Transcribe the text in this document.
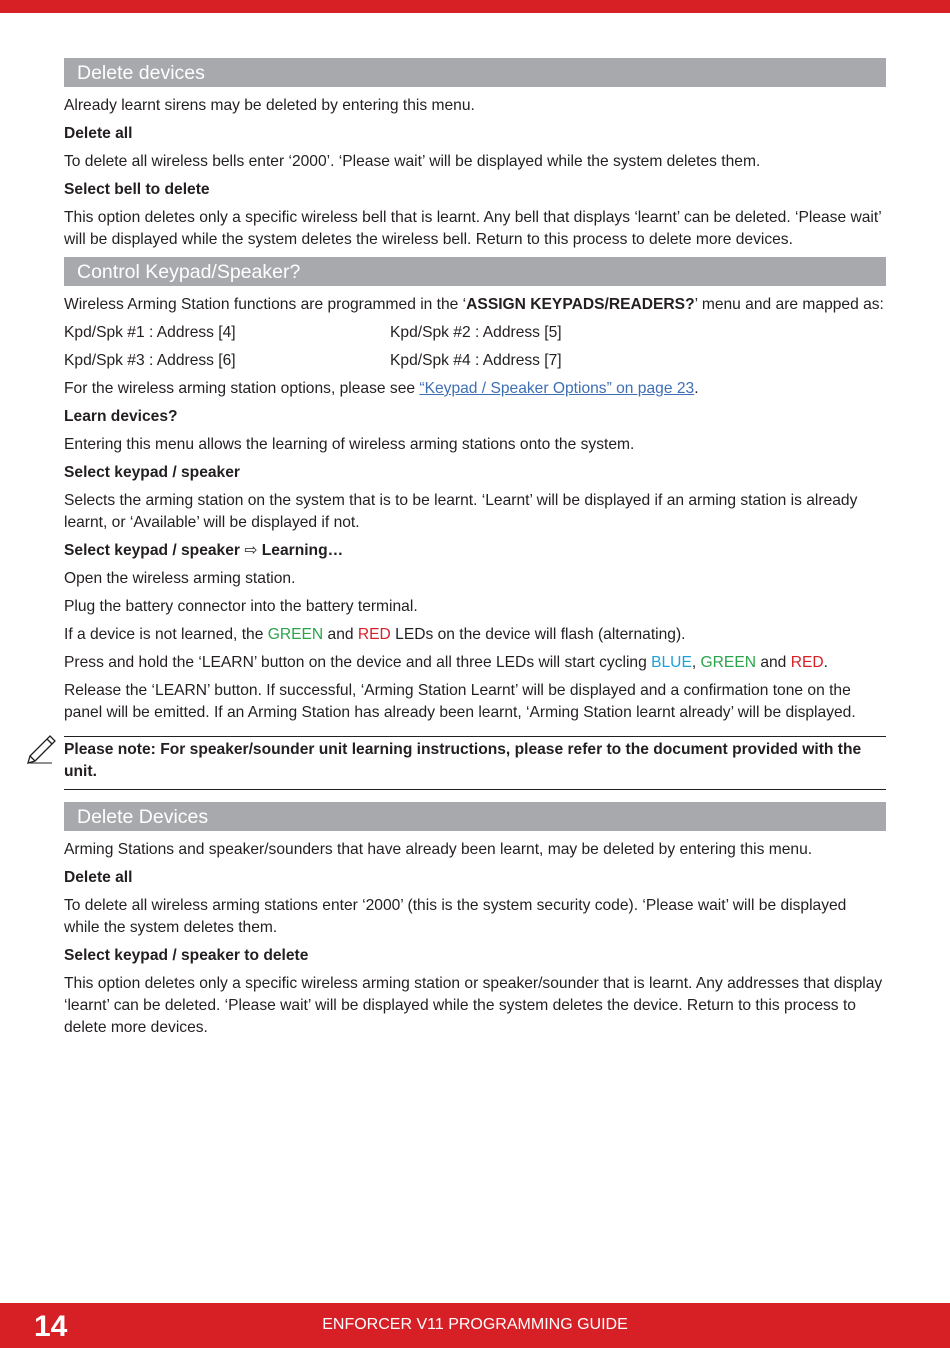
Delete devices

Already learnt sirens may be deleted by entering this menu.

Delete all

To delete all wireless bells enter ‘2000’. ‘Please wait’ will be displayed while the system deletes them.

Select bell to delete

This option deletes only a specific wireless bell that is learnt. Any bell that displays ‘learnt’ can be deleted. ‘Please wait’ will be displayed while the system deletes the wireless bell. Return to this process to delete more devices.

Control Keypad/Speaker?

Wireless Arming Station functions are programmed in the ‘ASSIGN KEYPADS/READERS?’ menu and are mapped as:

Kpd/Spk #1 : Address [4]	Kpd/Spk #2 : Address [5]
Kpd/Spk #3 : Address [6]	Kpd/Spk #4 : Address [7]

For the wireless arming station options, please see “Keypad / Speaker Options” on page 23.

Learn devices?

Entering this menu allows the learning of wireless arming stations onto the system.

Select keypad / speaker

Selects the arming station on the system that is to be learnt. ‘Learnt’ will be displayed if an arming station is already learnt, or ‘Available’ will be displayed if not.

Select keypad / speaker ⇨ Learning…

Open the wireless arming station.

Plug the battery connector into the battery terminal.

If a device is not learned, the GREEN and RED LEDs on the device will flash (alternating).

Press and hold the ‘LEARN’ button on the device and all three LEDs will start cycling BLUE, GREEN and RED.

Release the ‘LEARN’ button. If successful, ‘Arming Station Learnt’ will be displayed and a confirmation tone on the panel will be emitted. If an Arming Station has already been learnt, ‘Arming Station learnt already’ will be displayed.

Please note: For speaker/sounder unit learning instructions, please refer to the document provided with the unit.
Delete Devices

Arming Stations and speaker/sounders that have already been learnt, may be deleted by entering this menu.

Delete all

To delete all wireless arming stations enter ‘2000’ (this is the system security code). ‘Please wait’ will be displayed while the system deletes them.

Select keypad / speaker to delete

This option deletes only a specific wireless arming station or speaker/sounder that is learnt. Any addresses that display ‘learnt’ can be deleted. ‘Please wait’ will be displayed while the system deletes the device. Return to this process to delete more devices.

14	ENFORCER V11 PROGRAMMING GUIDE
